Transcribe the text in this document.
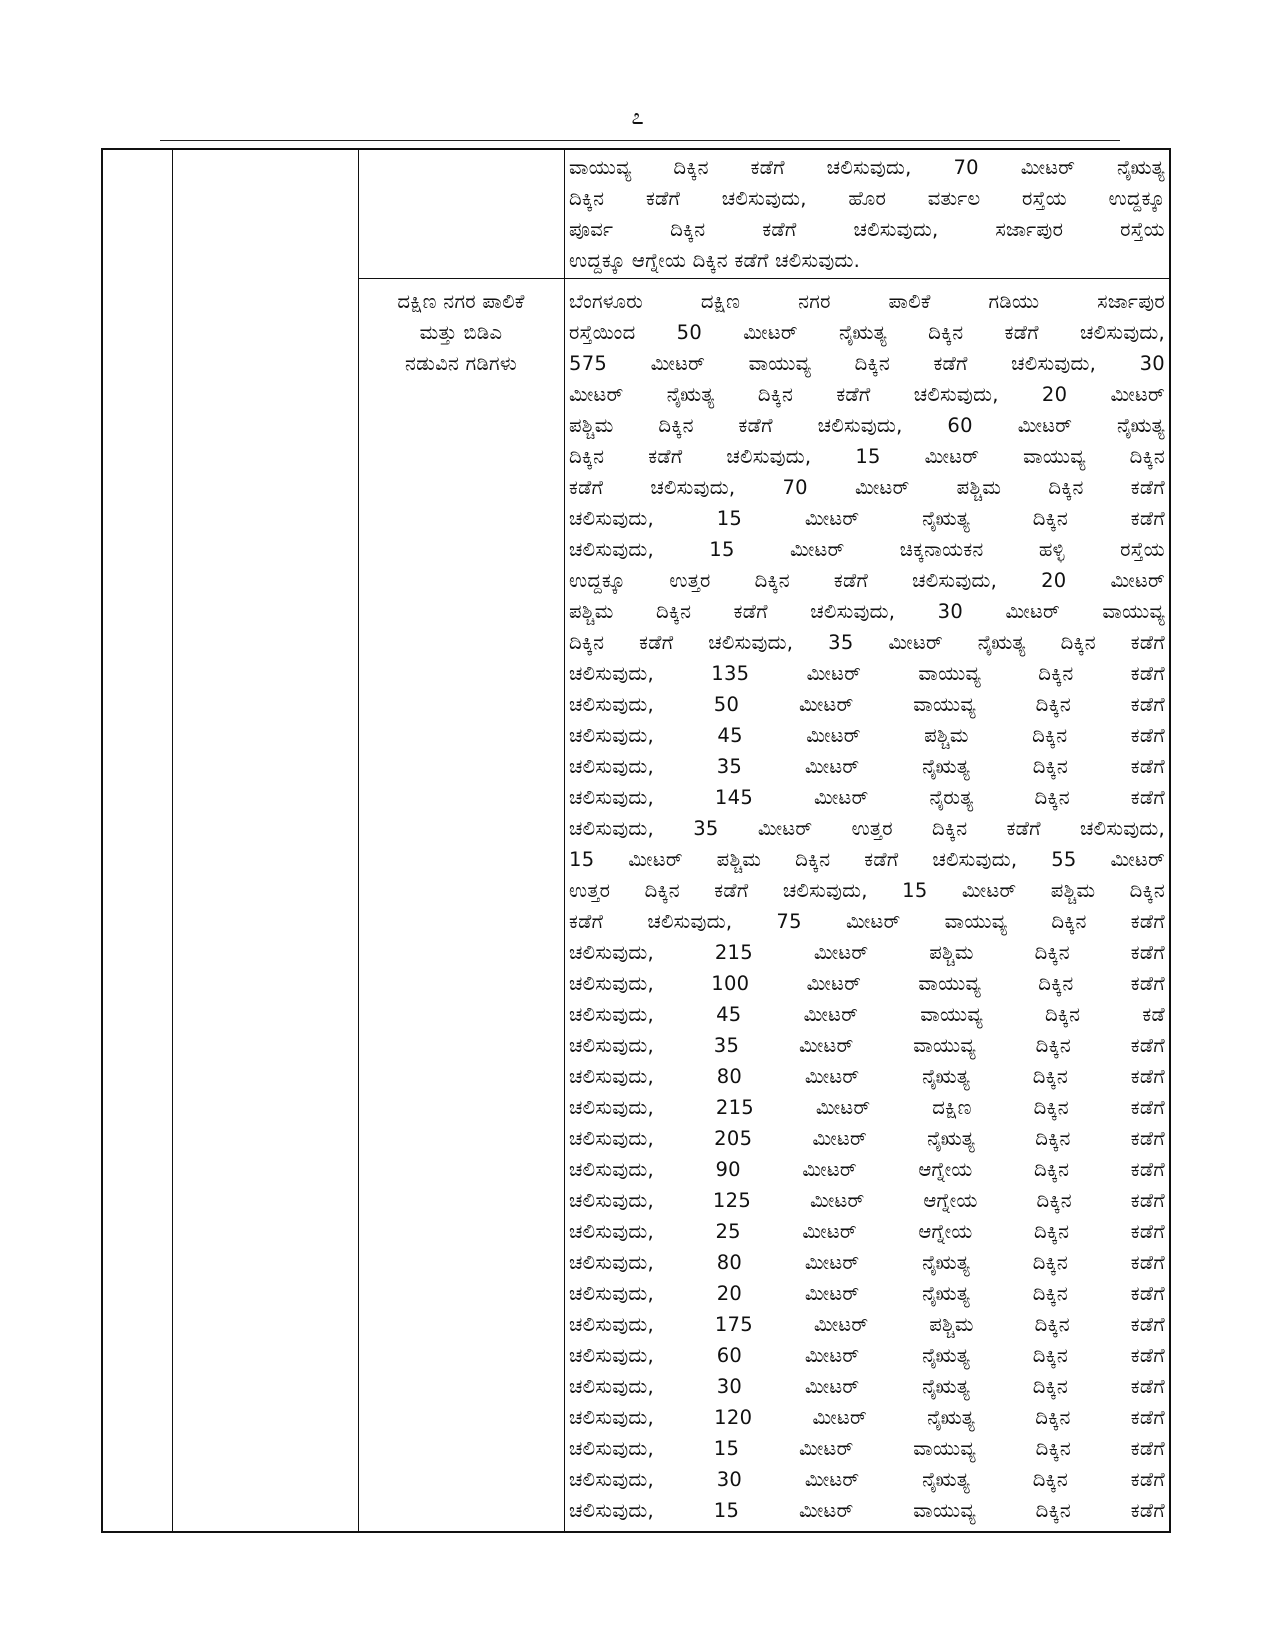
೭
ವಾಯುವ್ಯ ದಿಕ್ಕಿನ ಕಡೆಗೆ ಚಲಿಸುವುದು, 70 ಮೀಟರ್ ನೈಋತ್ಯ
ದಿಕ್ಕಿನ ಕಡೆಗೆ ಚಲಿಸುವುದು, ಹೊರ ವರ್ತುಲ ರಸ್ತೆಯ ಉದ್ದಕ್ಕೂ
ಪೂರ್ವ ದಿಕ್ಕಿನ ಕಡೆಗೆ ಚಲಿಸುವುದು, ಸರ್ಜಾಪುರ ರಸ್ತೆಯ
ಉದ್ದಕ್ಕೂ ಆಗ್ನೇಯ ದಿಕ್ಕಿನ ಕಡೆಗೆ ಚಲಿಸುವುದು.
ದಕ್ಷಿಣ ನಗರ ಪಾಲಿಕೆ
ಮತ್ತು ಬಿಡಿಎ
ನಡುವಿನ ಗಡಿಗಳು
ಬೆಂಗಳೂರು ದಕ್ಷಿಣ ನಗರ ಪಾಲಿಕೆ ಗಡಿಯು ಸರ್ಜಾಪುರ
ರಸ್ತೆಯಿಂದ 50 ಮೀಟರ್ ನೈಋತ್ಯ ದಿಕ್ಕಿನ ಕಡೆಗೆ ಚಲಿಸುವುದು,
575 ಮೀಟರ್ ವಾಯುವ್ಯ ದಿಕ್ಕಿನ ಕಡೆಗೆ ಚಲಿಸುವುದು, 30
ಮೀಟರ್ ನೈಋತ್ಯ ದಿಕ್ಕಿನ ಕಡೆಗೆ ಚಲಿಸುವುದು, 20 ಮೀಟರ್
ಪಶ್ಚಿಮ ದಿಕ್ಕಿನ ಕಡೆಗೆ ಚಲಿಸುವುದು, 60 ಮೀಟರ್ ನೈಋತ್ಯ
ದಿಕ್ಕಿನ ಕಡೆಗೆ ಚಲಿಸುವುದು, 15 ಮೀಟರ್ ವಾಯುವ್ಯ ದಿಕ್ಕಿನ
ಕಡೆಗೆ ಚಲಿಸುವುದು, 70 ಮೀಟರ್ ಪಶ್ಚಿಮ ದಿಕ್ಕಿನ ಕಡೆಗೆ
ಚಲಿಸುವುದು, 15 ಮೀಟರ್ ನೈಋತ್ಯ ದಿಕ್ಕಿನ ಕಡೆಗೆ
ಚಲಿಸುವುದು, 15 ಮೀಟರ್ ಚಿಕ್ಕನಾಯಕನ ಹಳ್ಳಿ ರಸ್ತೆಯ
ಉದ್ದಕ್ಕೂ ಉತ್ತರ ದಿಕ್ಕಿನ ಕಡೆಗೆ ಚಲಿಸುವುದು, 20 ಮೀಟರ್
ಪಶ್ಚಿಮ ದಿಕ್ಕಿನ ಕಡೆಗೆ ಚಲಿಸುವುದು, 30 ಮೀಟರ್ ವಾಯುವ್ಯ
ದಿಕ್ಕಿನ ಕಡೆಗೆ ಚಲಿಸುವುದು, 35 ಮೀಟರ್ ನೈಋತ್ಯ ದಿಕ್ಕಿನ ಕಡೆಗೆ
ಚಲಿಸುವುದು, 135 ಮೀಟರ್ ವಾಯುವ್ಯ ದಿಕ್ಕಿನ ಕಡೆಗೆ
ಚಲಿಸುವುದು, 50 ಮೀಟರ್ ವಾಯುವ್ಯ ದಿಕ್ಕಿನ ಕಡೆಗೆ
ಚಲಿಸುವುದು, 45 ಮೀಟರ್ ಪಶ್ಚಿಮ ದಿಕ್ಕಿನ ಕಡೆಗೆ
ಚಲಿಸುವುದು, 35 ಮೀಟರ್ ನೈಋತ್ಯ ದಿಕ್ಕಿನ ಕಡೆಗೆ
ಚಲಿಸುವುದು, 145 ಮೀಟರ್ ನೈರುತ್ಯ ದಿಕ್ಕಿನ ಕಡೆಗೆ
ಚಲಿಸುವುದು, 35 ಮೀಟರ್ ಉತ್ತರ ದಿಕ್ಕಿನ ಕಡೆಗೆ ಚಲಿಸುವುದು,
15 ಮೀಟರ್ ಪಶ್ಚಿಮ ದಿಕ್ಕಿನ ಕಡೆಗೆ ಚಲಿಸುವುದು, 55 ಮೀಟರ್
ಉತ್ತರ ದಿಕ್ಕಿನ ಕಡೆಗೆ ಚಲಿಸುವುದು, 15 ಮೀಟರ್ ಪಶ್ಚಿಮ ದಿಕ್ಕಿನ
ಕಡೆಗೆ ಚಲಿಸುವುದು, 75 ಮೀಟರ್ ವಾಯುವ್ಯ ದಿಕ್ಕಿನ ಕಡೆಗೆ
ಚಲಿಸುವುದು, 215 ಮೀಟರ್ ಪಶ್ಚಿಮ ದಿಕ್ಕಿನ ಕಡೆಗೆ
ಚಲಿಸುವುದು, 100 ಮೀಟರ್ ವಾಯುವ್ಯ ದಿಕ್ಕಿನ ಕಡೆಗೆ
ಚಲಿಸುವುದು, 45 ಮೀಟರ್ ವಾಯುವ್ಯ ದಿಕ್ಕಿನ ಕಡೆ
ಚಲಿಸುವುದು, 35 ಮೀಟರ್ ವಾಯುವ್ಯ ದಿಕ್ಕಿನ ಕಡೆಗೆ
ಚಲಿಸುವುದು, 80 ಮೀಟರ್ ನೈಋತ್ಯ ದಿಕ್ಕಿನ ಕಡೆಗೆ
ಚಲಿಸುವುದು, 215 ಮೀಟರ್ ದಕ್ಷಿಣ ದಿಕ್ಕಿನ ಕಡೆಗೆ
ಚಲಿಸುವುದು, 205 ಮೀಟರ್ ನೈಋತ್ಯ ದಿಕ್ಕಿನ ಕಡೆಗೆ
ಚಲಿಸುವುದು, 90 ಮೀಟರ್ ಆಗ್ನೇಯ ದಿಕ್ಕಿನ ಕಡೆಗೆ
ಚಲಿಸುವುದು, 125 ಮೀಟರ್ ಆಗ್ನೇಯ ದಿಕ್ಕಿನ ಕಡೆಗೆ
ಚಲಿಸುವುದು, 25 ಮೀಟರ್ ಆಗ್ನೇಯ ದಿಕ್ಕಿನ ಕಡೆಗೆ
ಚಲಿಸುವುದು, 80 ಮೀಟರ್ ನೈಋತ್ಯ ದಿಕ್ಕಿನ ಕಡೆಗೆ
ಚಲಿಸುವುದು, 20 ಮೀಟರ್ ನೈಋತ್ಯ ದಿಕ್ಕಿನ ಕಡೆಗೆ
ಚಲಿಸುವುದು, 175 ಮೀಟರ್ ಪಶ್ಚಿಮ ದಿಕ್ಕಿನ ಕಡೆಗೆ
ಚಲಿಸುವುದು, 60 ಮೀಟರ್ ನೈಋತ್ಯ ದಿಕ್ಕಿನ ಕಡೆಗೆ
ಚಲಿಸುವುದು, 30 ಮೀಟರ್ ನೈಋತ್ಯ ದಿಕ್ಕಿನ ಕಡೆಗೆ
ಚಲಿಸುವುದು, 120 ಮೀಟರ್ ನೈಋತ್ಯ ದಿಕ್ಕಿನ ಕಡೆಗೆ
ಚಲಿಸುವುದು, 15 ಮೀಟರ್ ವಾಯುವ್ಯ ದಿಕ್ಕಿನ ಕಡೆಗೆ
ಚಲಿಸುವುದು, 30 ಮೀಟರ್ ನೈಋತ್ಯ ದಿಕ್ಕಿನ ಕಡೆಗೆ
ಚಲಿಸುವುದು, 15 ಮೀಟರ್ ವಾಯುವ್ಯ ದಿಕ್ಕಿನ ಕಡೆಗೆ
